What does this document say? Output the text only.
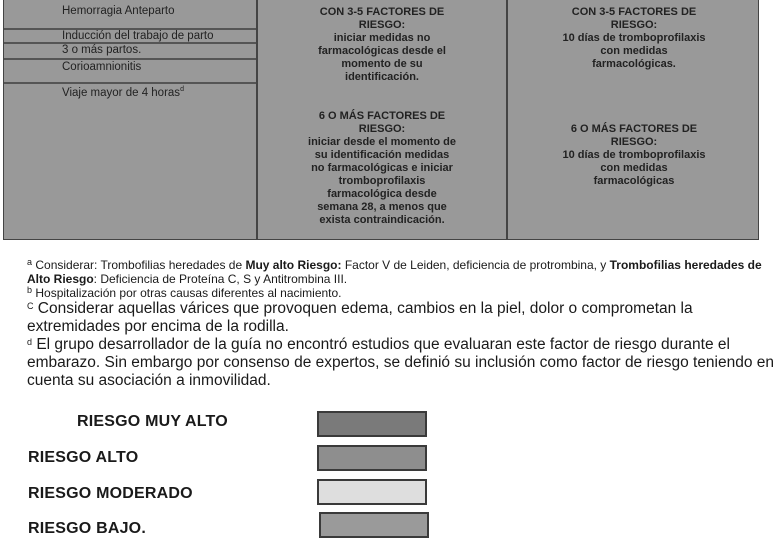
Hemorragia Anteparto
Inducción del trabajo de parto
3 o más partos.
Corioamnionitis
Viaje mayor de 4 horas$^d$
CON 3-5 FACTORES DE
RIESGO:
iniciar medidas no
farmacológicas desde el
momento de su
identificación.
6 O MÁS FACTORES DE
RIESGO:
iniciar desde el momento de
su identificación medidas
no farmacológicas e iniciar
tromboprofilaxis
farmacológica desde
semana 28, a menos que
exista contraindicación.
CON 3-5 FACTORES DE
RIESGO:
10 días de tromboprofilaxis
con medidas
farmacológicas.
6 O MÁS FACTORES DE
RIESGO:
10 días de tromboprofilaxis
con medidas
farmacológicas
$^a$ Considerar: Trombofilias heredades de Muy alto Riesgo: Factor V de Leiden, deficiencia de protrombina, y Trombofilias heredades de Alto Riesgo: Deficiencia de Proteína C, S y Antitrombina III.
$^b$ Hospitalización por otras causas diferentes al nacimiento.
$^C$ Considerar aquellas várices que provoquen edema, cambios en la piel, dolor o comprometan la extremidades por encima de la rodilla.
$^d$ El grupo desarrollador de la guía no encontró estudios que evaluaran este factor de riesgo durante el embarazo. Sin embargo por consenso de expertos, se definió su inclusión como factor de riesgo teniendo en cuenta su asociación a inmovilidad.
RIESGO MUY ALTO
RIESGO ALTO
RIESGO MODERADO
RIESGO BAJO.
